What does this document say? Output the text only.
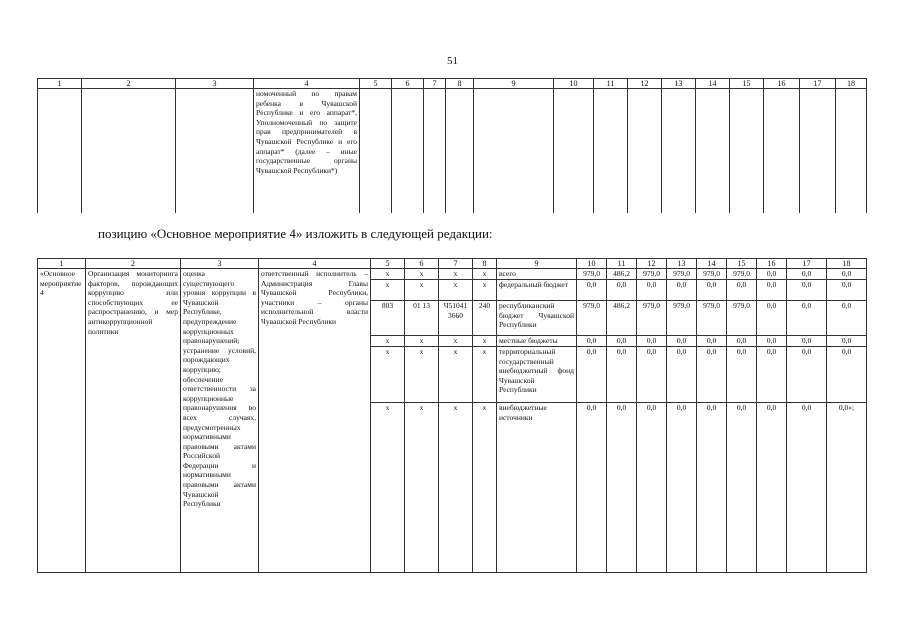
51
1	2	3	4	5	6	7	8	9	10	11	12	13	14	15	16	17	18
			номоченный по правам ребенка в Чувашской Республике и его аппарат*, Уполномоченный по защите прав предпринимателей в Чувашской Республике и его аппарат* (далее – иные государственные органы Чувашской Республики*)														
позицию «Основное мероприятие 4» изложить в следующей редакции:
1	2	3	4	5	6	7	8	9	10	11	12	13	14	15	16	17	18
«Основное мероприятие 4	Организация мониторинга факторов, порождающих коррупцию или способствующих ее распространению, и мер антикоррупционной политики	оценка существующего уровня коррупции в Чувашской Республике, предупреждение коррупционных правонарушений; устранение условий, порождающих коррупцию; обеспечение ответственности за коррупционные правонарушения во всех случаях, предусмотренных нормативными правовыми актами Российской Федерации и нормативными правовыми актами Чувашской Республики	ответственный исполнитель – Администрация Главы Чувашской Республики, участники – органы исполнительной власти Чувашской Республики	x	x	x	x	всего	979,0	486,2	979,0	979,0	979,0	979,0	0,0	0,0	0,0
				x	x	x	x	федеральный бюджет	0,0	0,0	0,0	0,0	0,0	0,0	0,0	0,0	0,0
				803	01 13	Ч51041 3660	240	республиканский бюджет Чувашской Республики	979,0	486,2	979,0	979,0	979,0	979,0	0,0	0,0	0,0
				x	x	x	x	местные бюджеты	0,0	0,0	0,0	0,0	0,0	0,0	0,0	0,0	0,0
				x	x	x	x	территориальный государственный внебюджетный фонд Чувашской Республики	0,0	0,0	0,0	0,0	0,0	0,0	0,0	0,0	0,0
				x	x	x	x	внебюджетные источники	0,0	0,0	0,0	0,0	0,0	0,0	0,0	0,0	0,0»;
